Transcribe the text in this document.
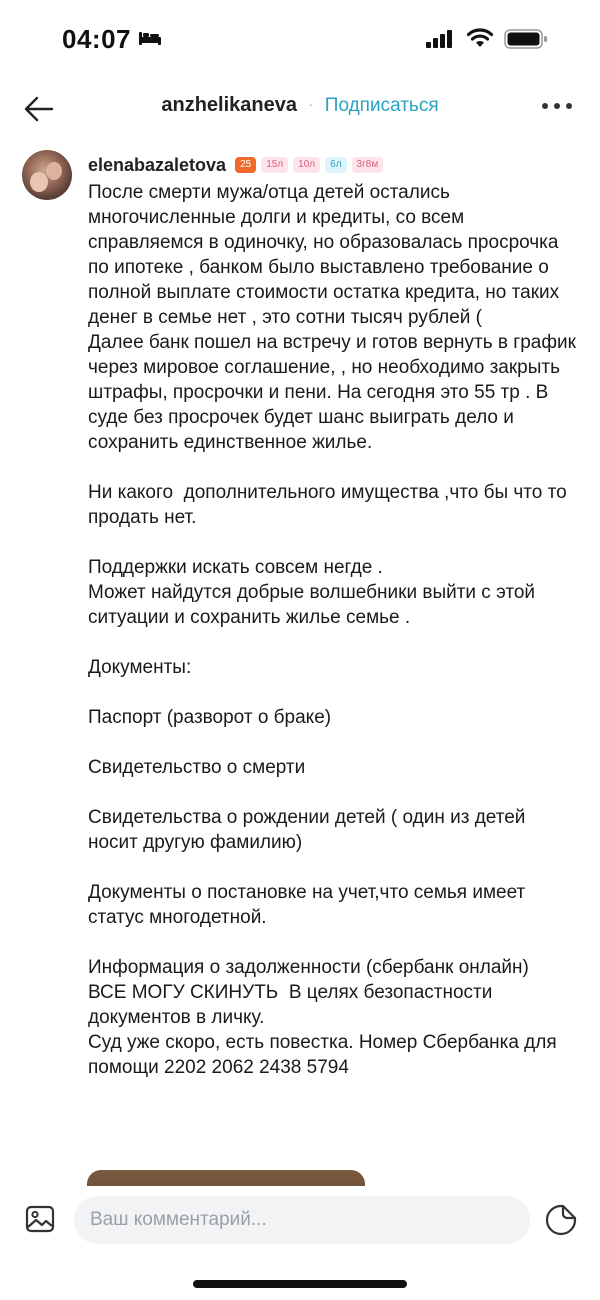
04:07
anzhelikaneva · Подписаться
elenabazaletova	25	15л	10л	6л	3г8м

После смерти мужа/отца детей остались многочисленные долги и кредиты, со всем справляемся в одиночку, но образовалась просрочка по ипотеке , банком было выставлено требование о полной выплате стоимости остатка кредита, но таких денег в семье нет , это сотни тысяч рублей (
Далее банк пошел на встречу и готов вернуть в график через мировое соглашение, , но необходимо закрыть штрафы, просрочки и пени. На сегодня это 55 тр . В суде без просрочек будет шанс выиграть дело и сохранить единственное жилье.

Ни какого  дополнительного имущества ,что бы что то продать нет.

Поддержки искать совсем негде .
Может найдутся добрые волшебники выйти с этой ситуации и сохранить жилье семье .

Документы:

Паспорт (разворот о браке)

Свидетельство о смерти

Свидетельства о рождении детей ( один из детей носит другую фамилию)

Документы о постановке на учет,что семья имеет статус многодетной.

Информация о задолженности (сбербанк онлайн)
ВСЕ МОГУ СКИНУТЬ  В целях безопастности документов в личку.
Суд уже скоро, есть повестка. Номер Сбербанка для помощи 2202 2062 2438 5794

Ваш комментарий...
